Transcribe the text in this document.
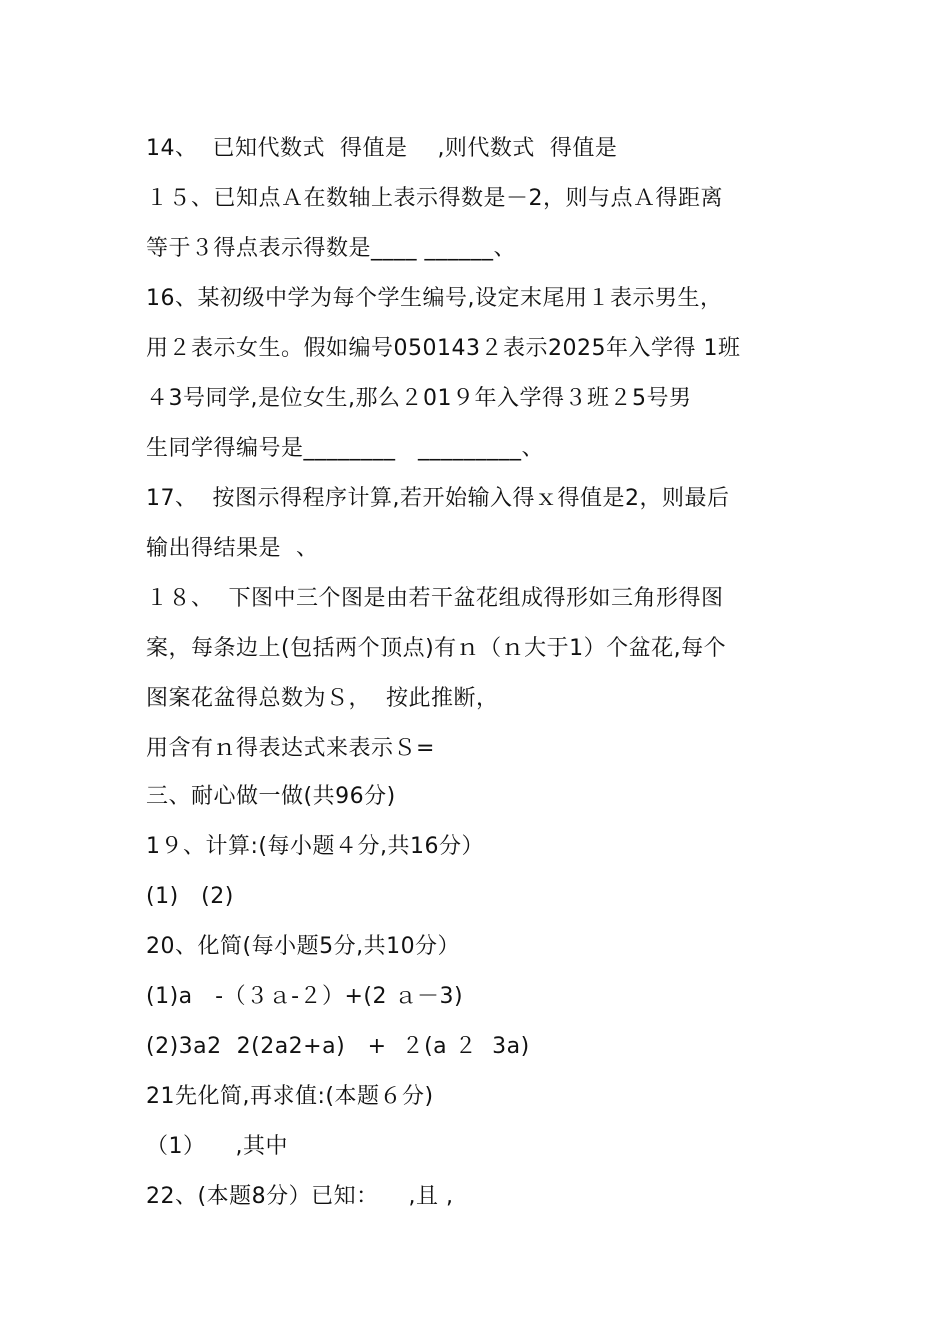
14、  已知代数式  得值是    ,则代数式  得值是
１５、已知点Ａ在数轴上表示得数是－2，则与点Ａ得距离
等于３得点表示得数是____ ______、
16、某初级中学为每个学生编号,设定末尾用１表示男生，
用２表示女生。假如编号050143２表示2025年入学得 1班
４3号同学,是位女生,那么２01９年入学得３班２5号男
生同学得编号是________   _________、
17、  按图示得程序计算,若开始输入得ｘ得值是2，则最后
输出得结果是  、
１８、  下图中三个图是由若干盆花组成得形如三角形得图
案，每条边上(包括两个顶点)有ｎ（ｎ大于1）个盆花,每个
图案花盆得总数为Ｓ，  按此推断，
用含有ｎ得表达式来表示Ｓ=
三、耐心做一做(共96分)
1９、计算:(每小题４分,共16分）
(1)   (2)
20、化简(每小题5分,共10分）
(1)a   -（３ａ-２）+(2 ａ－3)
(2)3a2  2(2a2+a)   +  ２(a ２  3a)
21先化简,再求值:(本题６分)
（1）    ,其中
22、(本题8分）已知：    ,且 ,
